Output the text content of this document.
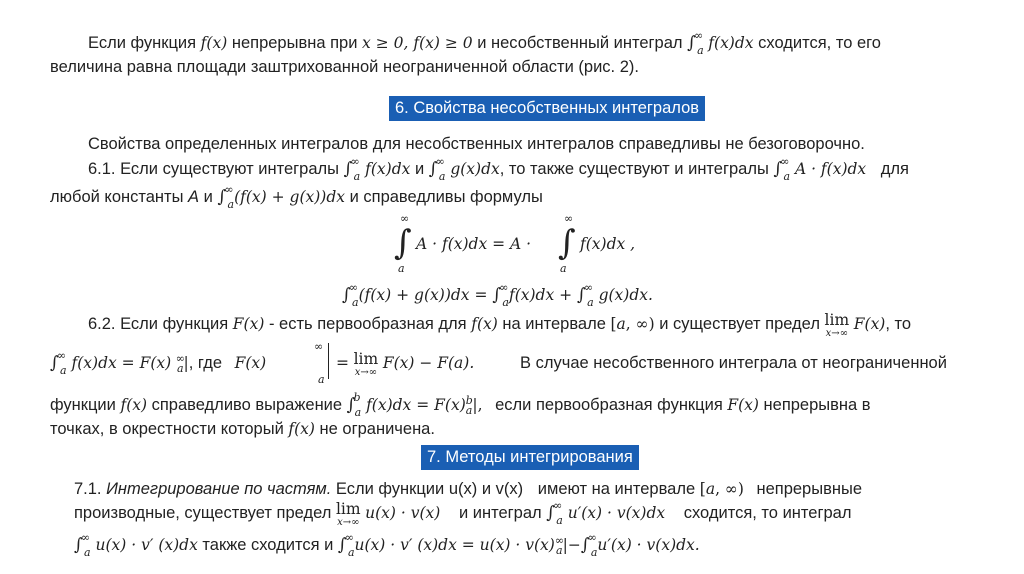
Если функция f(x) непрерывна при x ≥ 0, f(x) ≥ 0 и несобственный интеграл $\int^\infty_a$ f(x)dx сходится, то его
величина равна площади заштрихованной неограниченной области (рис. 2).
6. Свойства несобственных интегралов
Свойства определенных интегралов для несобственных интегралов справедливы не безоговорочно.
6.1. Если существуют интегралы $\int^\infty_a$ f(x)dx и $\int^\infty_a$ g(x)dx, то также существуют и интегралы $\int^\infty_a$ A · f(x)dx для
любой константы A и $\int^\infty_a(f(x) + g(x))dx$ и справедливы формулы
∞
∫
a
A · f(x)dx = A ·
∞
∫
a
f(x)dx ,
$\int^\infty_a(f(x) + g(x))dx = \int^\infty_af(x)dx + \int^\infty_a$ g(x)dx.
6.2. Если функция F(x) - есть первообразная для f(x) на интервале [a, ∞) и существует предел lim
x→∞
F(x), то
$\int^\infty_a$ f(x)dx = F(x) ∞$_a$|, где F(x)
∞
a
= lim
x→∞
F(x) − F(a).	В случае несобственного интеграла от неограниченной
функции f(x) справедливо выражение ∫$^b_a$ $f(x)dx = F(x)^b_a|$, если первообразная функция F(x) непрерывна в
точках, в окрестности который f(x) не ограничена.
7. Методы интегрирования
7.1. Интегрирование по частям. Если функции u(x) и v(x) имеют на интервале [a, ∞) непрерывные
производные, существует предел lim
x→∞
u(x) · v(x) и интеграл $\int^\infty_a$ u′(x) · v(x)dx сходится, то интеграл
$\int^\infty_a$ u(x) · v′ (x)dx также сходится и $\int^\infty_au(x) \cdot v'$ $(x)dx = u(x) \cdot v(x)^\infty_a|-\int^\infty_au'(x) \cdot v(x)dx$.
